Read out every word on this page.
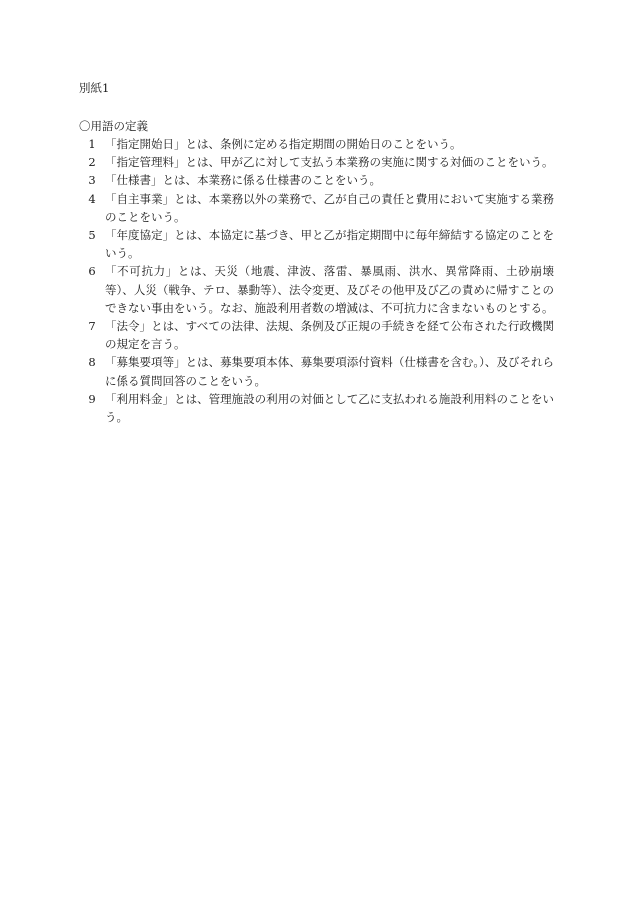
別紙1
〇用語の定義
1 「指定開始日」とは、条例に定める指定期間の開始日のことをいう。
2 「指定管理料」とは、甲が乙に対して支払う本業務の実施に関する対価のことをいう。
3 「仕様書」とは、本業務に係る仕様書のことをいう。
4 「自主事業」とは、本業務以外の業務で、乙が自己の責任と費用において実施する業務のことをいう。
5 「年度協定」とは、本協定に基づき、甲と乙が指定期間中に毎年締結する協定のことをいう。
6 「不可抗力」とは、天災（地震、津波、落雷、暴風雨、洪水、異常降雨、土砂崩壊等）、人災（戦争、テロ、暴動等）、法令変更、及びその他甲及び乙の責めに帰すことのできない事由をいう。なお、施設利用者数の増減は、不可抗力に含まないものとする。
7 「法令」とは、すべての法律、法規、条例及び正規の手続きを経て公布された行政機関の規定を言う。
8 「募集要項等」とは、募集要項本体、募集要項添付資料（仕様書を含む。）、及びそれらに係る質問回答のことをいう。
9 「利用料金」とは、管理施設の利用の対価として乙に支払われる施設利用料のことをいう。
